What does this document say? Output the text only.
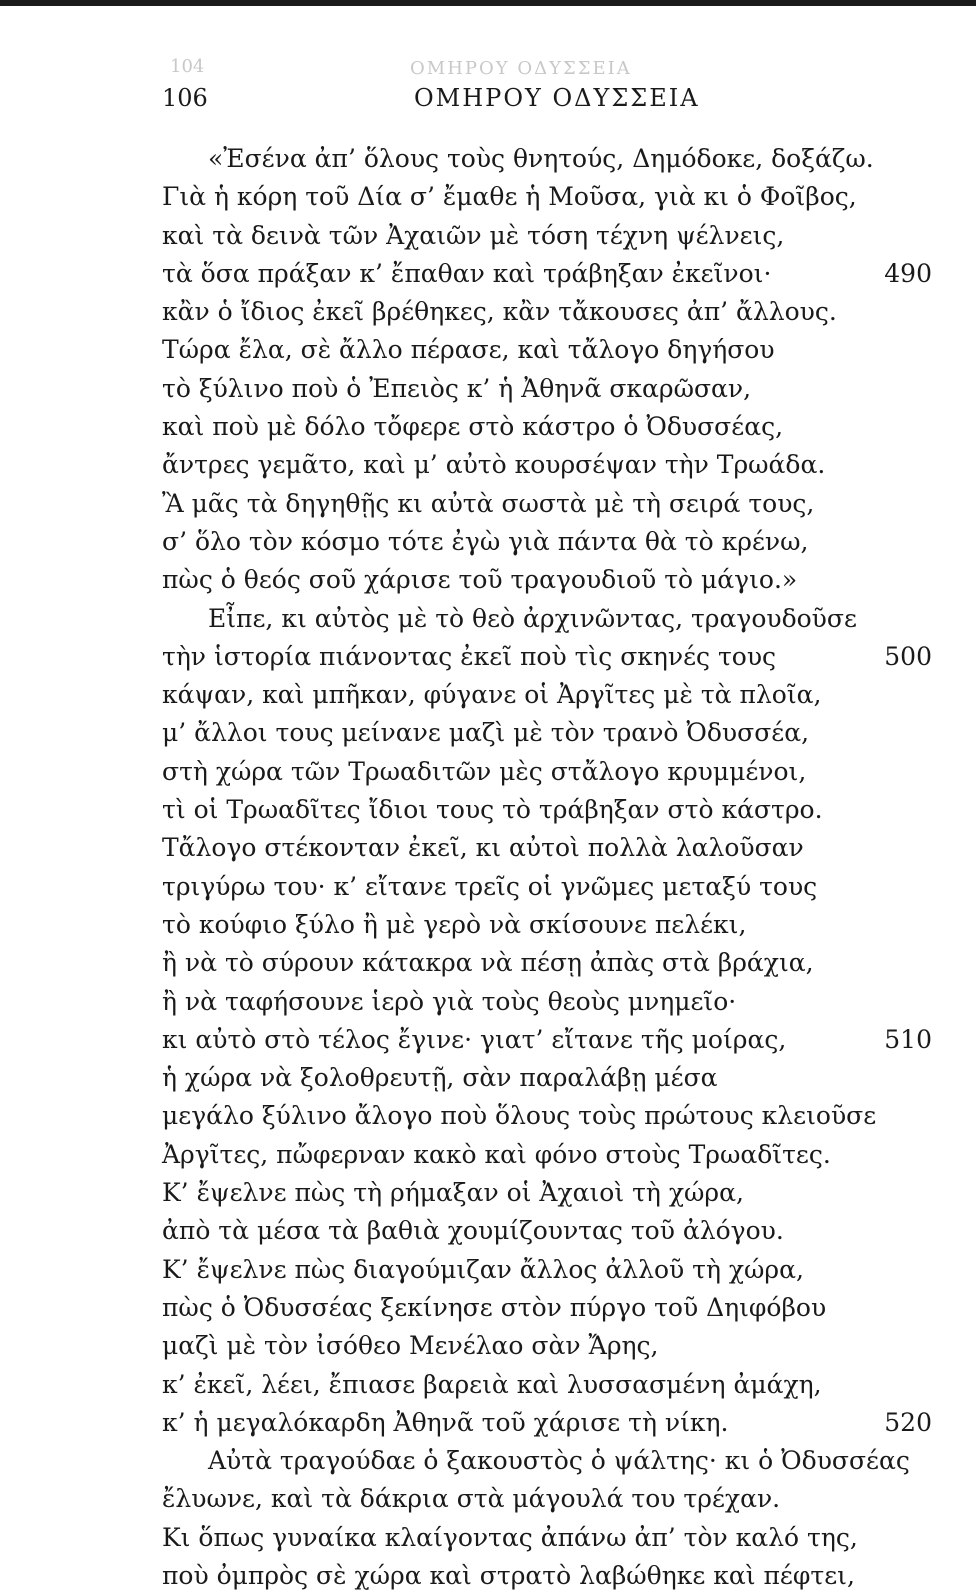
104	ΟΜΗΡΟΥ ΟΔΥΣΣΕΙΑ
106	ΟΜΗΡΟΥ ΟΔΥΣΣΕΙΑ
«Ἐσένα ἀπ’ ὅλους τοὺς θνητούς, Δημόδοκε, δοξάζω.
Γιὰ ἡ κόρη τοῦ Δία σ’ ἔμαθε ἡ Μοῦσα, γιὰ κι ὁ Φοῖβος,
καὶ τὰ δεινὰ τῶν Ἀχαιῶν μὲ τόση τέχνη ψέλνεις,
τὰ ὅσα πράξαν κ’ ἔπαθαν καὶ τράβηξαν ἐκεῖνοι·	490
κἂν ὁ ἴδιος ἐκεῖ βρέθηκες, κἂν τἄκουσες ἀπ’ ἄλλους.
Τώρα ἔλα, σὲ ἄλλο πέρασε, καὶ τἄλογο δηγήσου
τὸ ξύλινο ποὺ ὁ Ἐπειὸς κ’ ἡ Ἀθηνᾶ σκαρῶσαν,
καὶ ποὺ μὲ δόλο τὄφερε στὸ κάστρο ὁ Ὀδυσσέας,
ἄντρες γεμᾶτο, καὶ μ’ αὐτὸ κουρσέψαν τὴν Τρωάδα.
Ἂ μᾶς τὰ δηγηθῇς κι αὐτὰ σωστὰ μὲ τὴ σειρά τους,
σ’ ὅλο τὸν κόσμο τότε ἐγὼ γιὰ πάντα θὰ τὸ κρένω,
πὼς ὁ θεός σοῦ χάρισε τοῦ τραγουδιοῦ τὸ μάγιο.»
Εἶπε, κι αὐτὸς μὲ τὸ θεὸ ἀρχινῶντας, τραγουδοῦσε
τὴν ἱστορία πιάνοντας ἐκεῖ ποὺ τὶς σκηνές τους	500
κάψαν, καὶ μπῆκαν, φύγανε οἱ Ἀργῖτες μὲ τὰ πλοῖα,
μ’ ἄλλοι τους μείνανε μαζὶ μὲ τὸν τρανὸ Ὀδυσσέα,
στὴ χώρα τῶν Τρωαδιτῶν μὲς στἄλογο κρυμμένοι,
τὶ οἱ Τρωαδῖτες ἴδιοι τους τὸ τράβηξαν στὸ κάστρο.
Τἄλογο στέκονταν ἐκεῖ, κι αὐτοὶ πολλὰ λαλοῦσαν
τριγύρω του· κ’ εἴτανε τρεῖς οἱ γνῶμες μεταξύ τους
τὸ κούφιο ξύλο ἢ μὲ γερὸ νὰ σκίσουνε πελέκι,
ἢ νὰ τὸ σύρουν κάτακρα νὰ πέσῃ ἀπὰς στὰ βράχια,
ἢ νὰ ταφήσουνε ἱερὸ γιὰ τοὺς θεοὺς μνημεῖο·
κι αὐτὸ στὸ τέλος ἔγινε· γιατ’ εἴτανε τῆς μοίρας,	510
ἡ χώρα νὰ ξολοθρευτῇ, σὰν παραλάβῃ μέσα
μεγάλο ξύλινο ἄλογο ποὺ ὅλους τοὺς πρώτους κλειοῦσε
Ἀργῖτες, πὤφερναν κακὸ καὶ φόνο στοὺς Τρωαδῖτες.
Κ’ ἔψελνε πὼς τὴ ρήμαξαν οἱ Ἀχαιοὶ τὴ χώρα,
ἀπὸ τὰ μέσα τὰ βαθιὰ χουμίζουντας τοῦ ἀλόγου.
Κ’ ἔψελνε πὼς διαγούμιζαν ἄλλος ἀλλοῦ τὴ χώρα,
πὼς ὁ Ὀδυσσέας ξεκίνησε στὸν πύργο τοῦ Δηιφόβου
μαζὶ μὲ τὸν ἰσόθεο Μενέλαο σὰν Ἄρης,
κ’ ἐκεῖ, λέει, ἔπιασε βαρειὰ καὶ λυσσασμένη ἀμάχη,
κ’ ἡ μεγαλόκαρδη Ἀθηνᾶ τοῦ χάρισε τὴ νίκη.	520
Αὐτὰ τραγούδαε ὁ ξακουστὸς ὁ ψάλτης· κι ὁ Ὀδυσσέας
ἔλυωνε, καὶ τὰ δάκρια στὰ μάγουλά του τρέχαν.
Κι ὅπως γυναίκα κλαίγοντας ἀπάνω ἀπ’ τὸν καλό της,
ποὺ ὀμπρὸς σὲ χώρα καὶ στρατὸ λαβώθηκε καὶ πέφτει,
